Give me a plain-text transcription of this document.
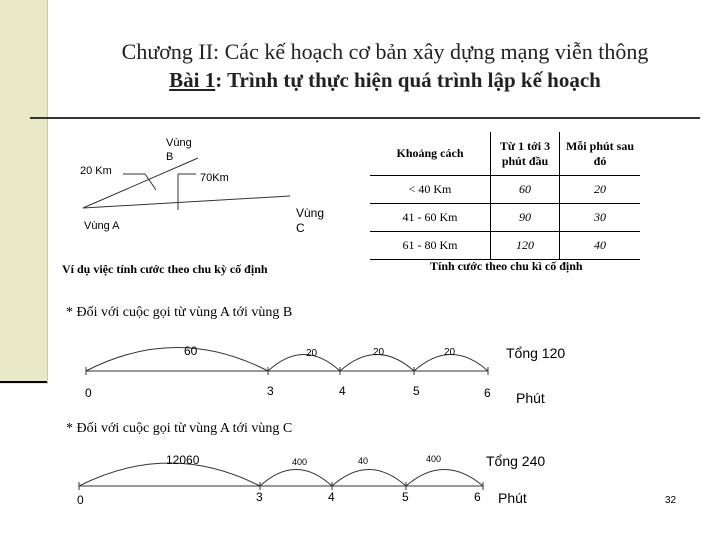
Chương II: Các kế hoạch cơ bản xây dựng mạng viễn thông
Bài 1: Trình tự thực hiện quá trình lập kế hoạch
Vùng B
Vùng A
Vùng C
20 Km
70Km
Ví dụ việc tính cước theo chu kỳ cố định
Khoảng cách	Từ 1 tới 3 phút đầu	Mỗi phút sau đó
< 40 Km	60	20
41 - 60 Km	90	30
61 - 80 Km	120	40
Tính cước theo chu kì cố định
* Đối với cuộc gọi từ vùng A tới vùng B
60	20	20	20
0	3	4	5	6
Tổng 120
Phút
* Đối với cuộc gọi từ vùng A tới vùng C
12060	400	40	400
0	3	4	5	6
Tổng 240
Phút	32
